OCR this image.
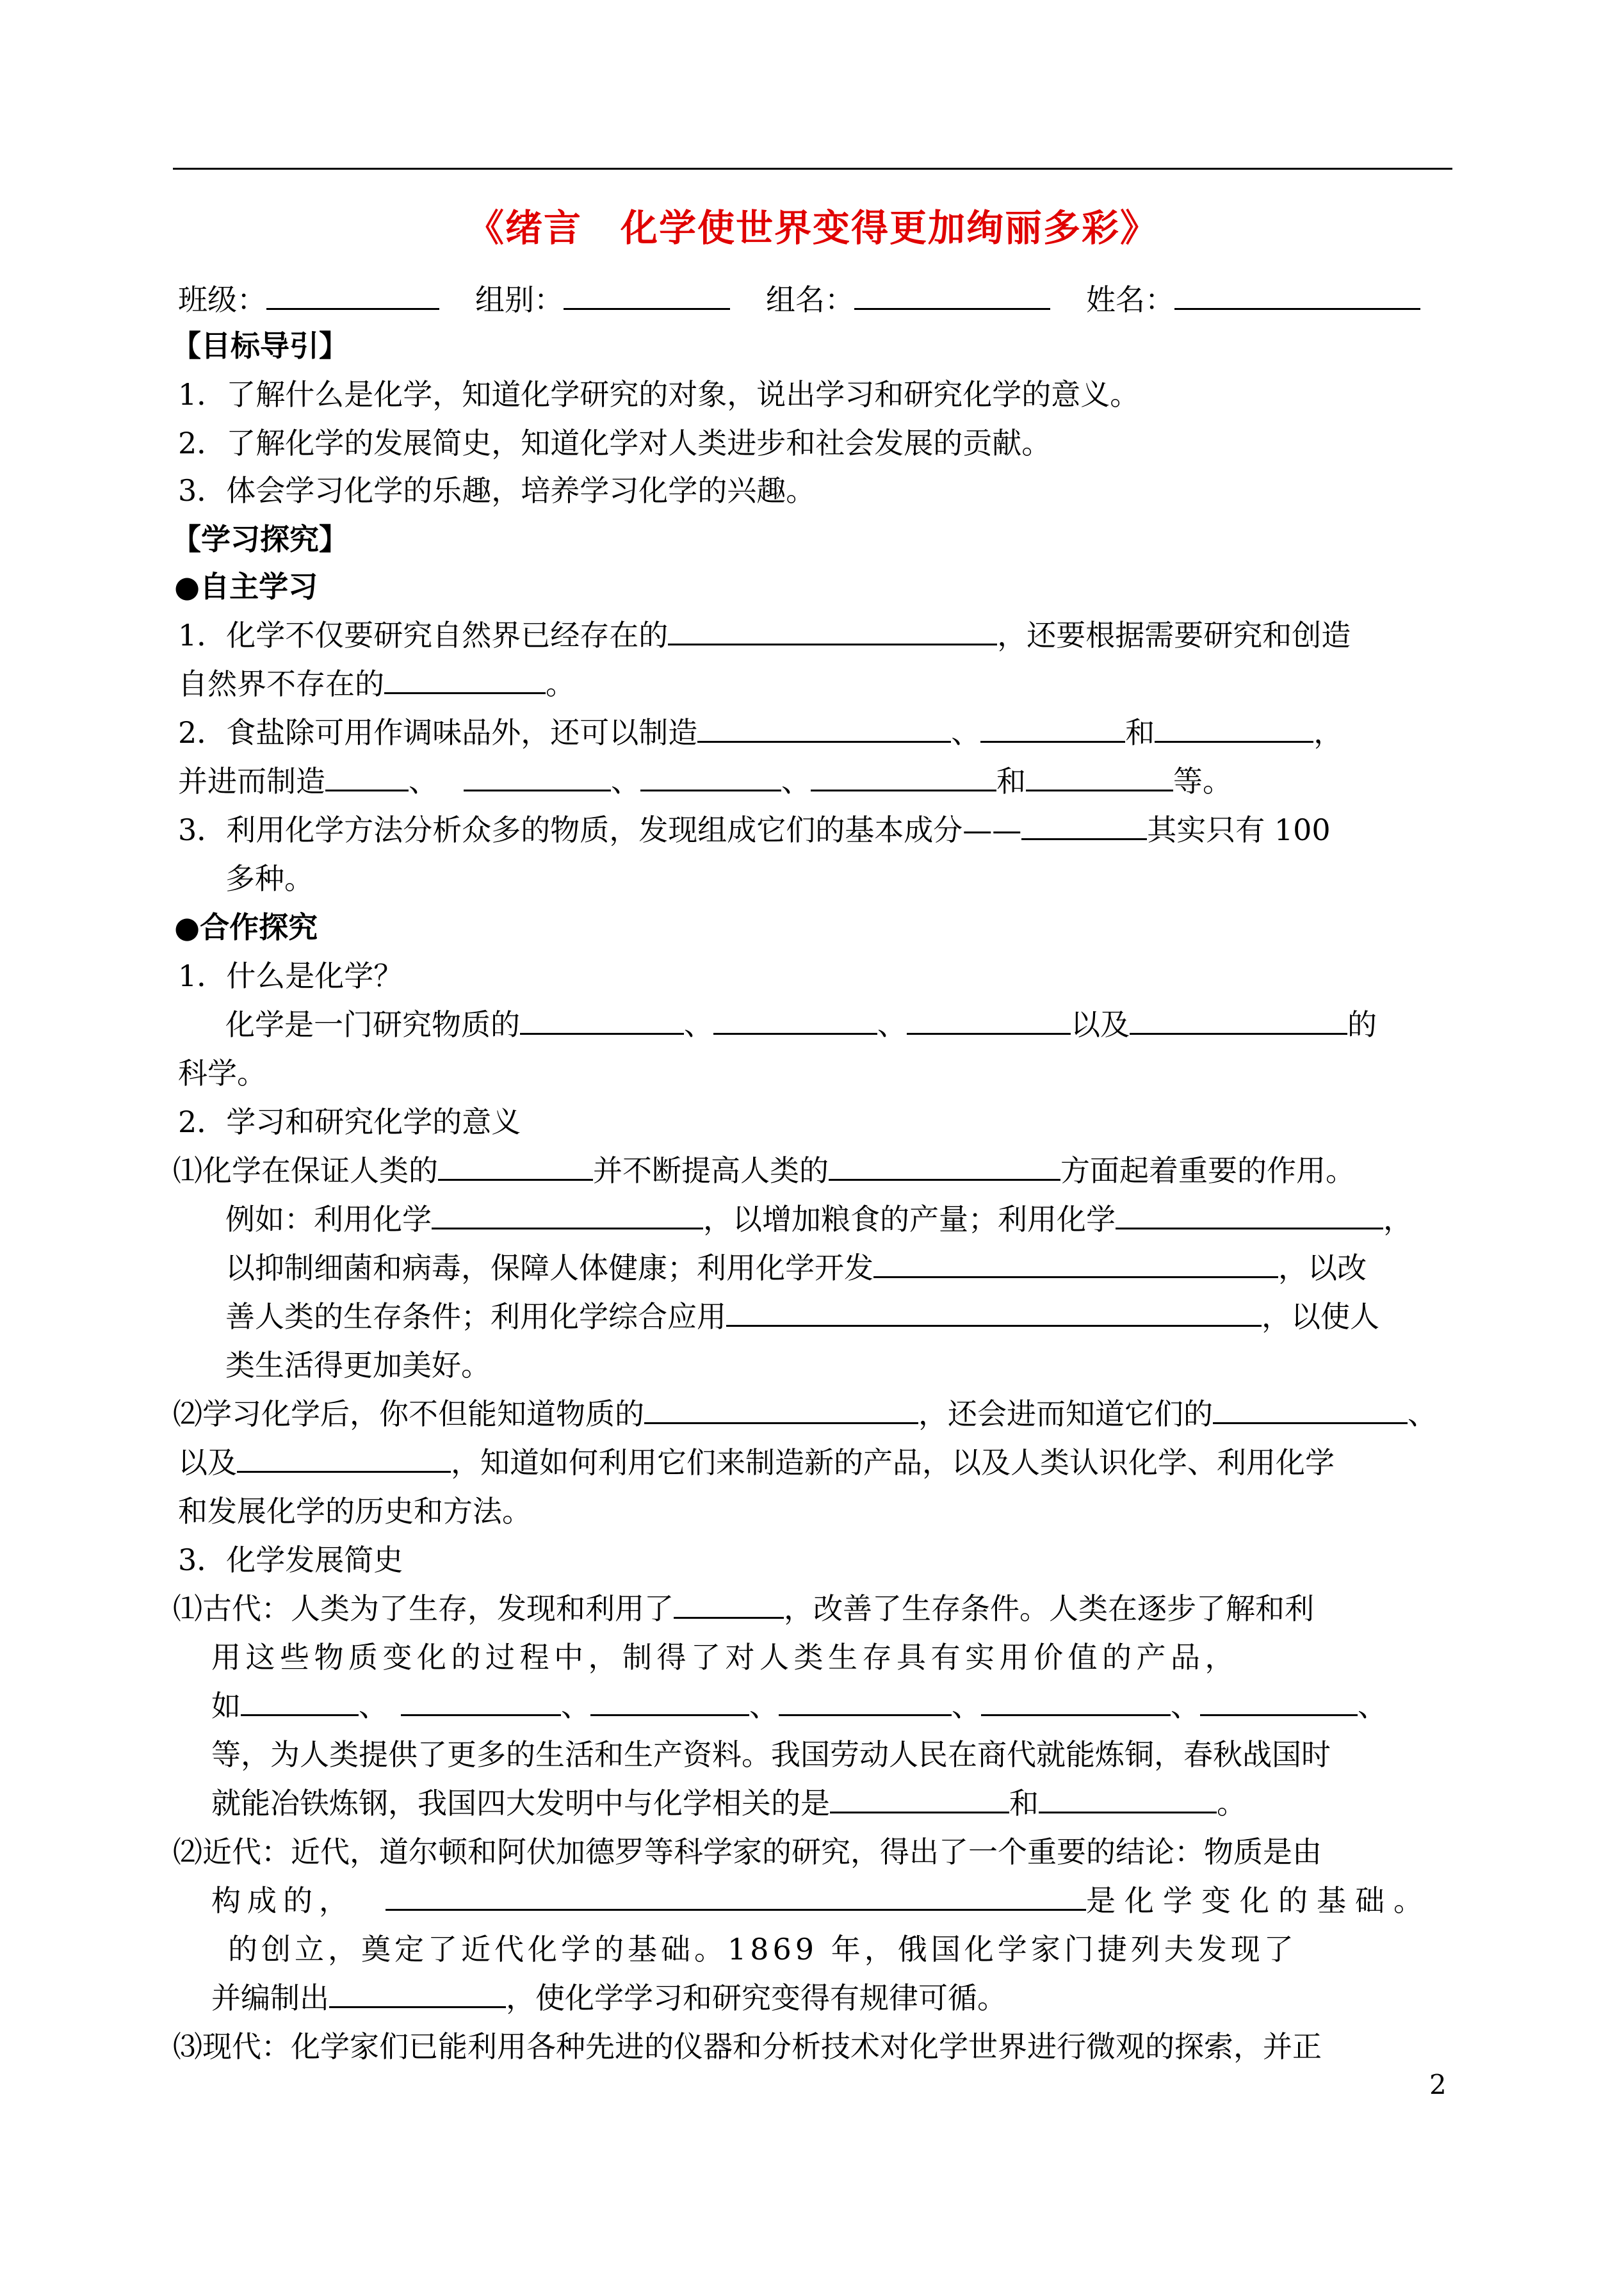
《绪言　化学使世界变得更加绚丽多彩》
班级：	组别：	组名：	姓名：
【目标导引】
1．了解什么是化学，知道化学研究的对象，说出学习和研究化学的意义。
2．了解化学的发展简史，知道化学对人类进步和社会发展的贡献。
3．体会学习化学的乐趣，培养学习化学的兴趣。
【学习探究】
●自主学习
1．化学不仅要研究自然界已经存在的	，还要根据需要研究和创造
自然界不存在的	。
2．食盐除可用作调味品外，还可以制造	、	和	，
并进而制造	、	、	、	和	等。
3．利用化学方法分析众多的物质，发现组成它们的基本成分——	其实只有 100
多种。
●合作探究
1．什么是化学？
化学是一门研究物质的	、	、	以及	的
科学。
2．学习和研究化学的意义
⑴化学在保证人类的	并不断提高人类的	方面起着重要的作用。
例如：利用化学	，以增加粮食的产量；利用化学	，
以抑制细菌和病毒，保障人体健康；利用化学开发	，以改
善人类的生存条件；利用化学综合应用	，以使人
类生活得更加美好。
⑵学习化学后，你不但能知道物质的	，还会进而知道它们的	、
以及	，知道如何利用它们来制造新的产品，以及人类认识化学、利用化学
和发展化学的历史和方法。
3．化学发展简史
⑴古代：人类为了生存，发现和利用了	，改善了生存条件。人类在逐步了解和利
用这些物质变化的过程中，制得了对人类生存具有实用价值的产品，
如	、	、	、	、	、	、
等，为人类提供了更多的生活和生产资料。我国劳动人民在商代就能炼铜，春秋战国时
就能冶铁炼钢，我国四大发明中与化学相关的是	和	。
⑵近代：近代，道尔顿和阿伏加德罗等科学家的研究，得出了一个重要的结论：物质是由
构成的，	是化学变化的基础。
的创立，奠定了近代化学的基础。1869 年，俄国化学家门捷列夫发现了
并编制出	，使化学学习和研究变得有规律可循。
⑶现代：化学家们已能利用各种先进的仪器和分析技术对化学世界进行微观的探索，并正
2
